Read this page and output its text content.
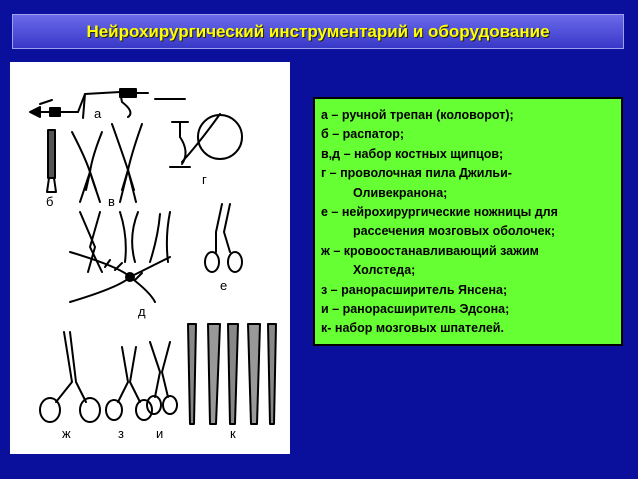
Нейрохирургический инструментарий и оборудование
а
б	в
г
д
е
ж	з и	к
а – ручной трепан (коловорот);
б – распатор;
в,д – набор костных щипцов;
г – проволочная пила Джильи-
Оливекранона;
е – нейрохирургические ножницы для
рассечения мозговых оболочек;
ж – кровоостанавливающий зажим
Холстеда;
з – ранорасширитель Янсена;
и – ранорасширитель Эдсона;
к- набор мозговых шпателей.
